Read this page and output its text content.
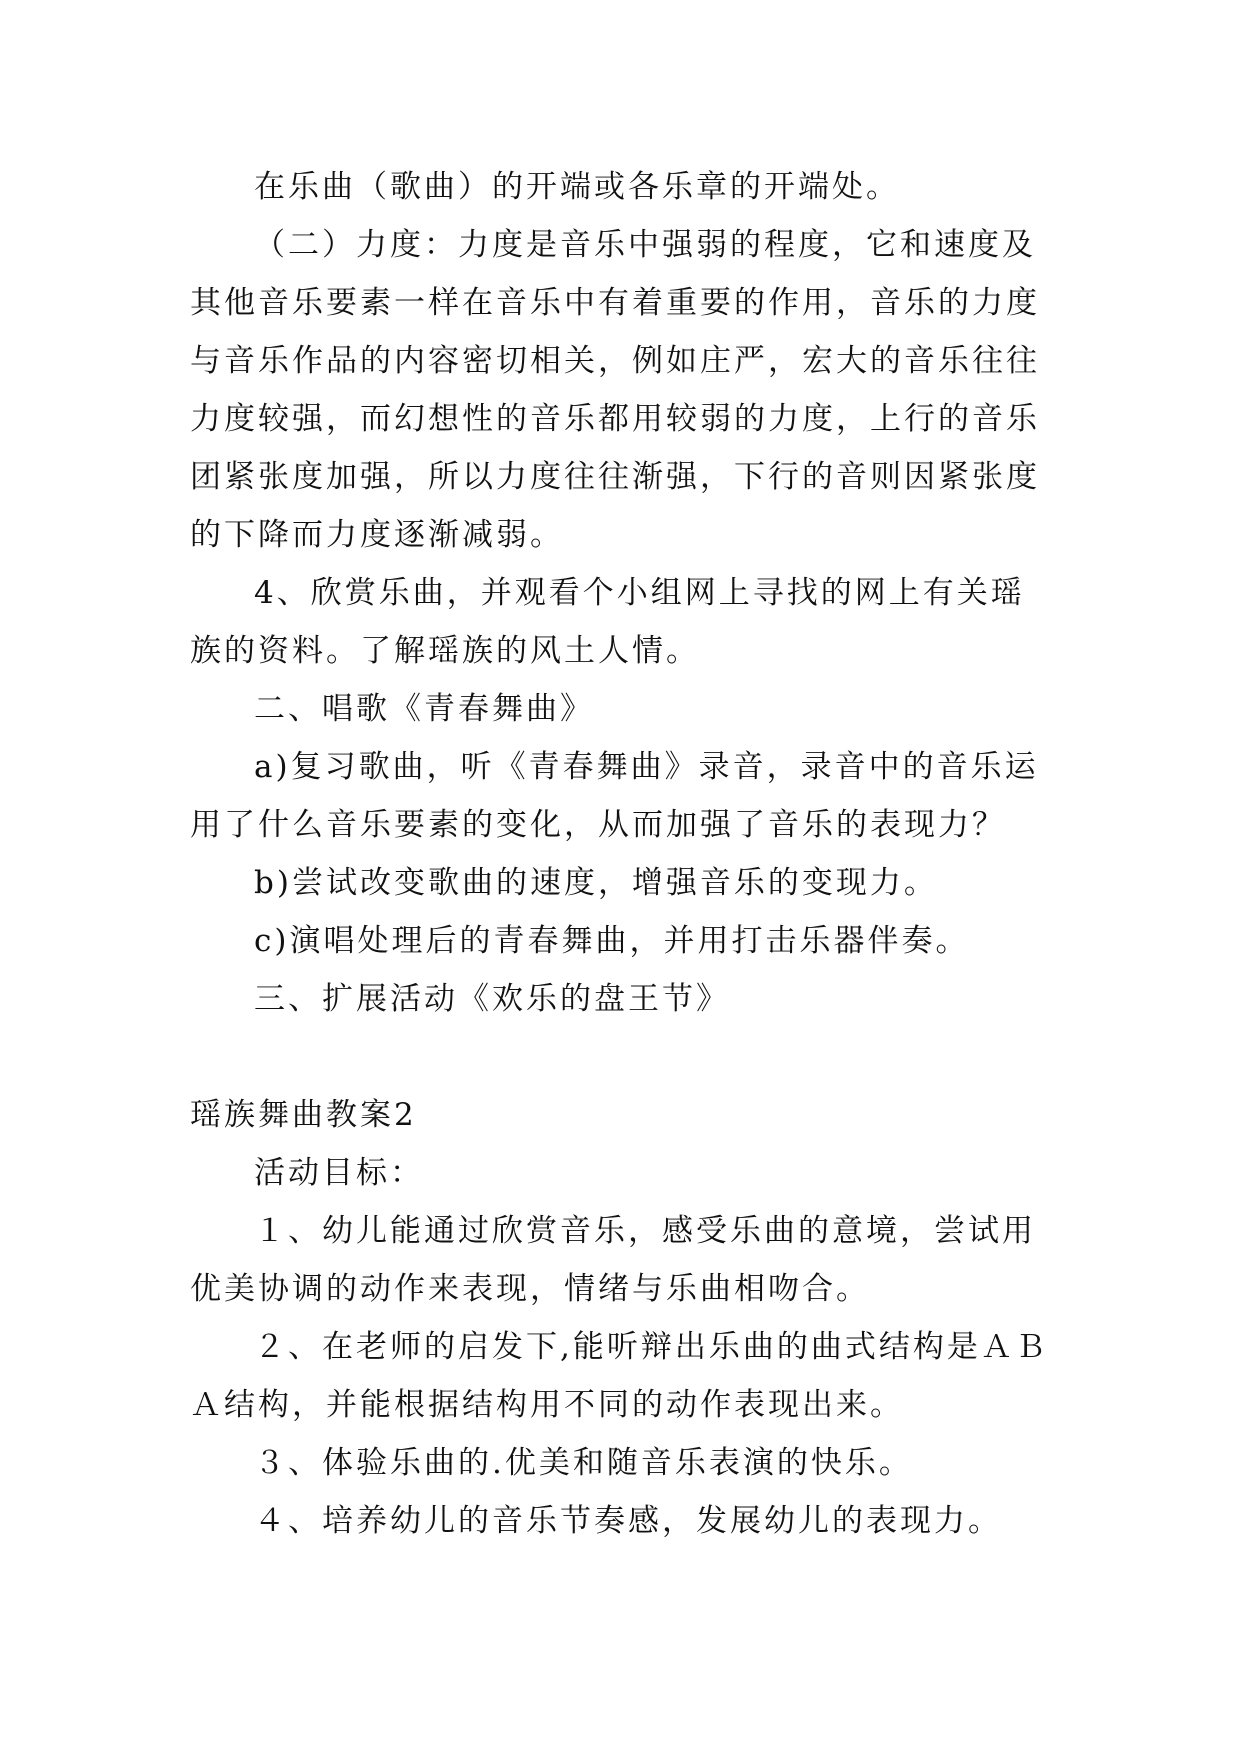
在乐曲（歌曲）的开端或各乐章的开端处。

（二）力度：力度是音乐中强弱的程度，它和速度及其他音乐要素一样在音乐中有着重要的作用，音乐的力度与音乐作品的内容密切相关，例如庄严，宏大的音乐往往力度较强，而幻想性的音乐都用较弱的力度，上行的音乐团紧张度加强，所以力度往往渐强，下行的音则因紧张度的下降而力度逐渐减弱。

4、欣赏乐曲，并观看个小组网上寻找的网上有关瑶族的资料。了解瑶族的风土人情。

二、唱歌《青春舞曲》

a)复习歌曲，听《青春舞曲》录音，录音中的音乐运用了什么音乐要素的变化，从而加强了音乐的表现力？

b)尝试改变歌曲的速度，增强音乐的变现力。

c)演唱处理后的青春舞曲，并用打击乐器伴奏。

三、扩展活动《欢乐的盘王节》

瑶族舞曲教案2

活动目标：

１、幼儿能通过欣赏音乐，感受乐曲的意境，尝试用优美协调的动作来表现，情绪与乐曲相吻合。

２、在老师的启发下,能听辩出乐曲的曲式结构是ＡＢＡ结构，并能根据结构用不同的动作表现出来。

３、体验乐曲的.优美和随音乐表演的快乐。

４、培养幼儿的音乐节奏感，发展幼儿的表现力。
